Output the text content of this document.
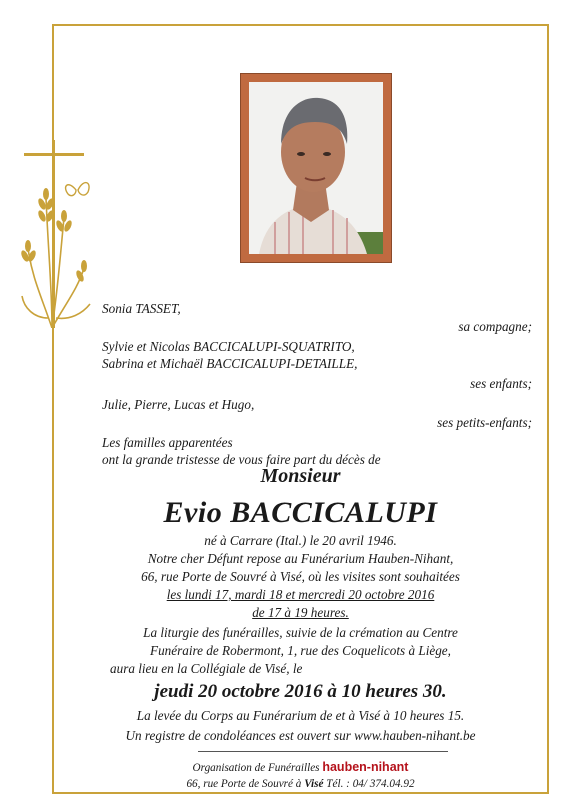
Sonia TASSET,
sa compagne;
Sylvie et Nicolas BACCICALUPI-SQUATRITO,
Sabrina et Michaël BACCICALUPI-DETAILLE,
ses enfants;
Julie, Pierre, Lucas et Hugo,
ses petits-enfants;
Les familles apparentées
ont la grande tristesse de vous faire part du décès de
Monsieur
Evio BACCICALUPI
né à Carrare (Ital.) le 20 avril 1946.
Notre cher Défunt repose au Funérarium Hauben-Nihant,
66, rue Porte de Souvré à Visé, où les visites sont souhaitées
les lundi 17, mardi 18 et mercredi 20 octobre 2016
de 17 à 19 heures.
La liturgie des funérailles, suivie de la crémation au Centre
Funéraire de Robermont, 1, rue des Coquelicots à Liège,
aura lieu en la Collégiale de Visé, le
jeudi 20 octobre 2016 à 10 heures 30.
La levée du Corps au Funérarium de et à Visé à 10 heures 15.
Un registre de condoléances est ouvert sur www.hauben-nihant.be
Organisation de Funérailles hauben-nihant
66, rue Porte de Souvré à Visé Tél. : 04/ 374.04.92
